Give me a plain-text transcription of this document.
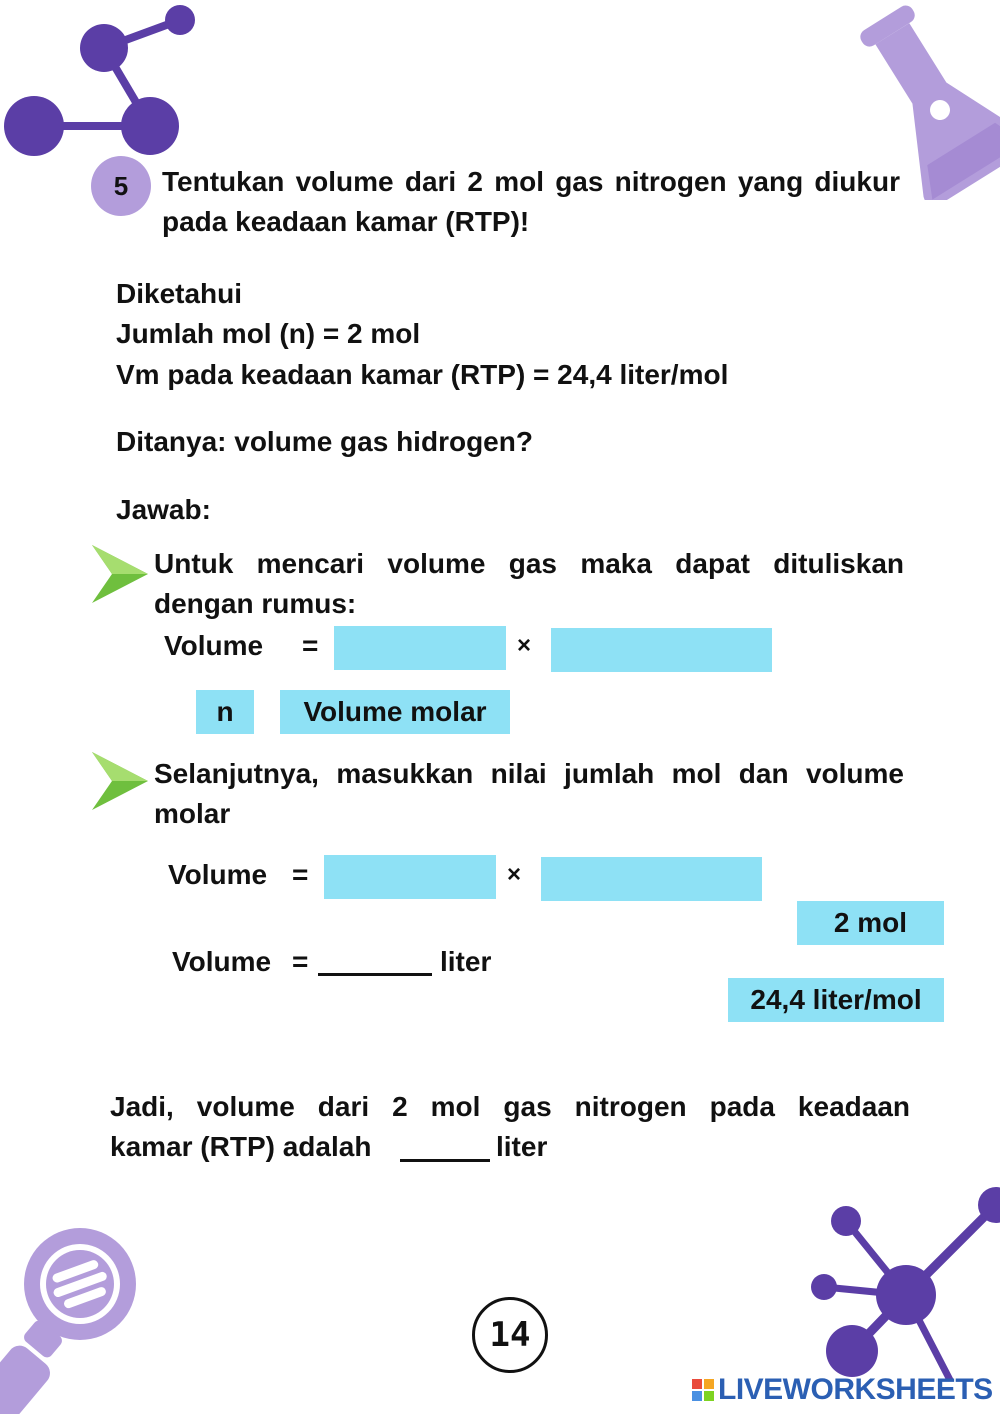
5 Tentukan volume dari 2 mol gas nitrogen yang diukur pada keadaan kamar (RTP)!
Diketahui
Jumlah mol (n) = 2 mol
Vm pada keadaan kamar (RTP) = 24,4 liter/mol
Ditanya: volume gas hidrogen?
Jawab:
Untuk mencari volume gas maka dapat dituliskan dengan rumus:
Volume =	×
n Volume molar
Selanjutnya, masukkan nilai jumlah mol dan volume molar
Volume =	×
2 mol
24,4 liter/mol
Volume =	liter
Jadi, volume dari 2 mol gas nitrogen pada keadaan
kamar (RTP) adalah	liter
14
LIVEWORKSHEETS
